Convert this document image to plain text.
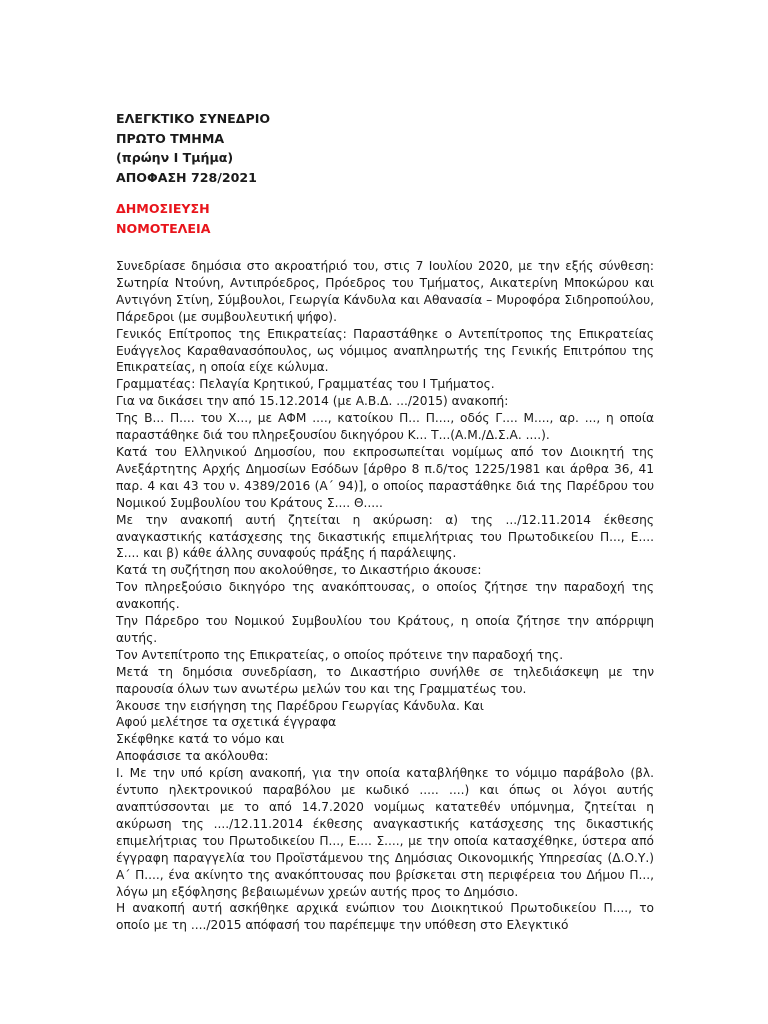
ΕΛΕΓΚΤΙΚΟ ΣΥΝΕΔΡΙΟ
ΠΡΩΤΟ ΤΜΗΜΑ
(πρώην Ι Τμήμα)
ΑΠΟΦΑΣΗ 728/2021
ΔΗΜΟΣΙΕΥΣΗ
ΝΟΜΟΤΕΛΕΙΑ

Συνεδρίασε δημόσια στο ακροατήριό του, στις 7 Ιουλίου 2020, με την εξής σύνθεση: Σωτηρία Ντούνη, Αντιπρόεδρος, Πρόεδρος του Τμήματος, Αικατερίνη Μποκώρου και Αντιγόνη Στίνη, Σύμβουλοι, Γεωργία Κάνδυλα και Αθανασία – Μυροφόρα Σιδηροπούλου, Πάρεδροι (με συμβουλευτική ψήφο).

Γενικός Επίτροπος της Επικρατείας: Παραστάθηκε ο Αντεπίτροπος της Επικρατείας Ευάγγελος Καραθανασόπουλος, ως νόμιμος αναπληρωτής της Γενικής Επιτρόπου της Επικρατείας, η οποία είχε κώλυμα.

Γραμματέας: Πελαγία Κρητικού, Γραμματέας του Ι Τμήματος.

Για να δικάσει την από 15.12.2014 (με Α.Β.Δ. .../2015) ανακοπή:

Της Β... Π.... του Χ..., με ΑΦΜ ...., κατοίκου Π... Π...., οδός Γ.... Μ...., αρ. ..., η οποία παραστάθηκε διά του πληρεξουσίου δικηγόρου Κ... Τ...(Α.Μ./Δ.Σ.Α. ....).

Κατά του Ελληνικού Δημοσίου, που εκπροσωπείται νομίμως από τον Διοικητή της Ανεξάρτητης Αρχής Δημοσίων Εσόδων [άρθρο 8 π.δ/τος 1225/1981 και άρθρα 36, 41 παρ. 4 και 43 του ν. 4389/2016 (Α΄ 94)], ο οποίος παραστάθηκε διά της Παρέδρου του Νομικού Συμβουλίου του Κράτους Σ.... Θ.....

Με την ανακοπή αυτή ζητείται η ακύρωση: α) της .../12.11.2014 έκθεσης αναγκαστικής κατάσχεσης της δικαστικής επιμελήτριας του Πρωτοδικείου Π..., Ε.... Σ.... και β) κάθε άλλης συναφούς πράξης ή παράλειψης.

Κατά τη συζήτηση που ακολούθησε, το Δικαστήριο άκουσε:

Τον πληρεξούσιο δικηγόρο της ανακόπτουσας, ο οποίος ζήτησε την παραδοχή της ανακοπής.

Την Πάρεδρο του Νομικού Συμβουλίου του Κράτους, η οποία ζήτησε την απόρριψη αυτής.

Τον Αντεπίτροπο της Επικρατείας, ο οποίος πρότεινε την παραδοχή της.

Μετά τη δημόσια συνεδρίαση, το Δικαστήριο συνήλθε σε τηλεδιάσκεψη με την παρουσία όλων των ανωτέρω μελών του και της Γραμματέως του.

Άκουσε την εισήγηση της Παρέδρου Γεωργίας Κάνδυλα. Και

Αφού μελέτησε τα σχετικά έγγραφα

Σκέφθηκε κατά το νόμο και

Αποφάσισε τα ακόλουθα:

Ι. Με την υπό κρίση ανακοπή, για την οποία καταβλήθηκε το νόμιμο παράβολο (βλ. έντυπο ηλεκτρονικού παραβόλου με κωδικό ..... ....) και όπως οι λόγοι αυτής αναπτύσσονται με το από 14.7.2020 νομίμως κατατεθέν υπόμνημα, ζητείται η ακύρωση της ..../12.11.2014 έκθεσης αναγκαστικής κατάσχεσης της δικαστικής επιμελήτριας του Πρωτοδικείου Π..., Ε.... Σ...., με την οποία κατασχέθηκε, ύστερα από έγγραφη παραγγελία του Προϊστάμενου της Δημόσιας Οικονομικής Υπηρεσίας (Δ.Ο.Υ.) Α΄ Π...., ένα ακίνητο της ανακόπτουσας που βρίσκεται στη περιφέρεια του Δήμου Π..., λόγω μη εξόφλησης βεβαιωμένων χρεών αυτής προς το Δημόσιο.

Η ανακοπή αυτή ασκήθηκε αρχικά ενώπιον του Διοικητικού Πρωτοδικείου Π...., το οποίο με τη ..../2015 απόφασή του παρέπεμψε την υπόθεση στο Ελεγκτικό
